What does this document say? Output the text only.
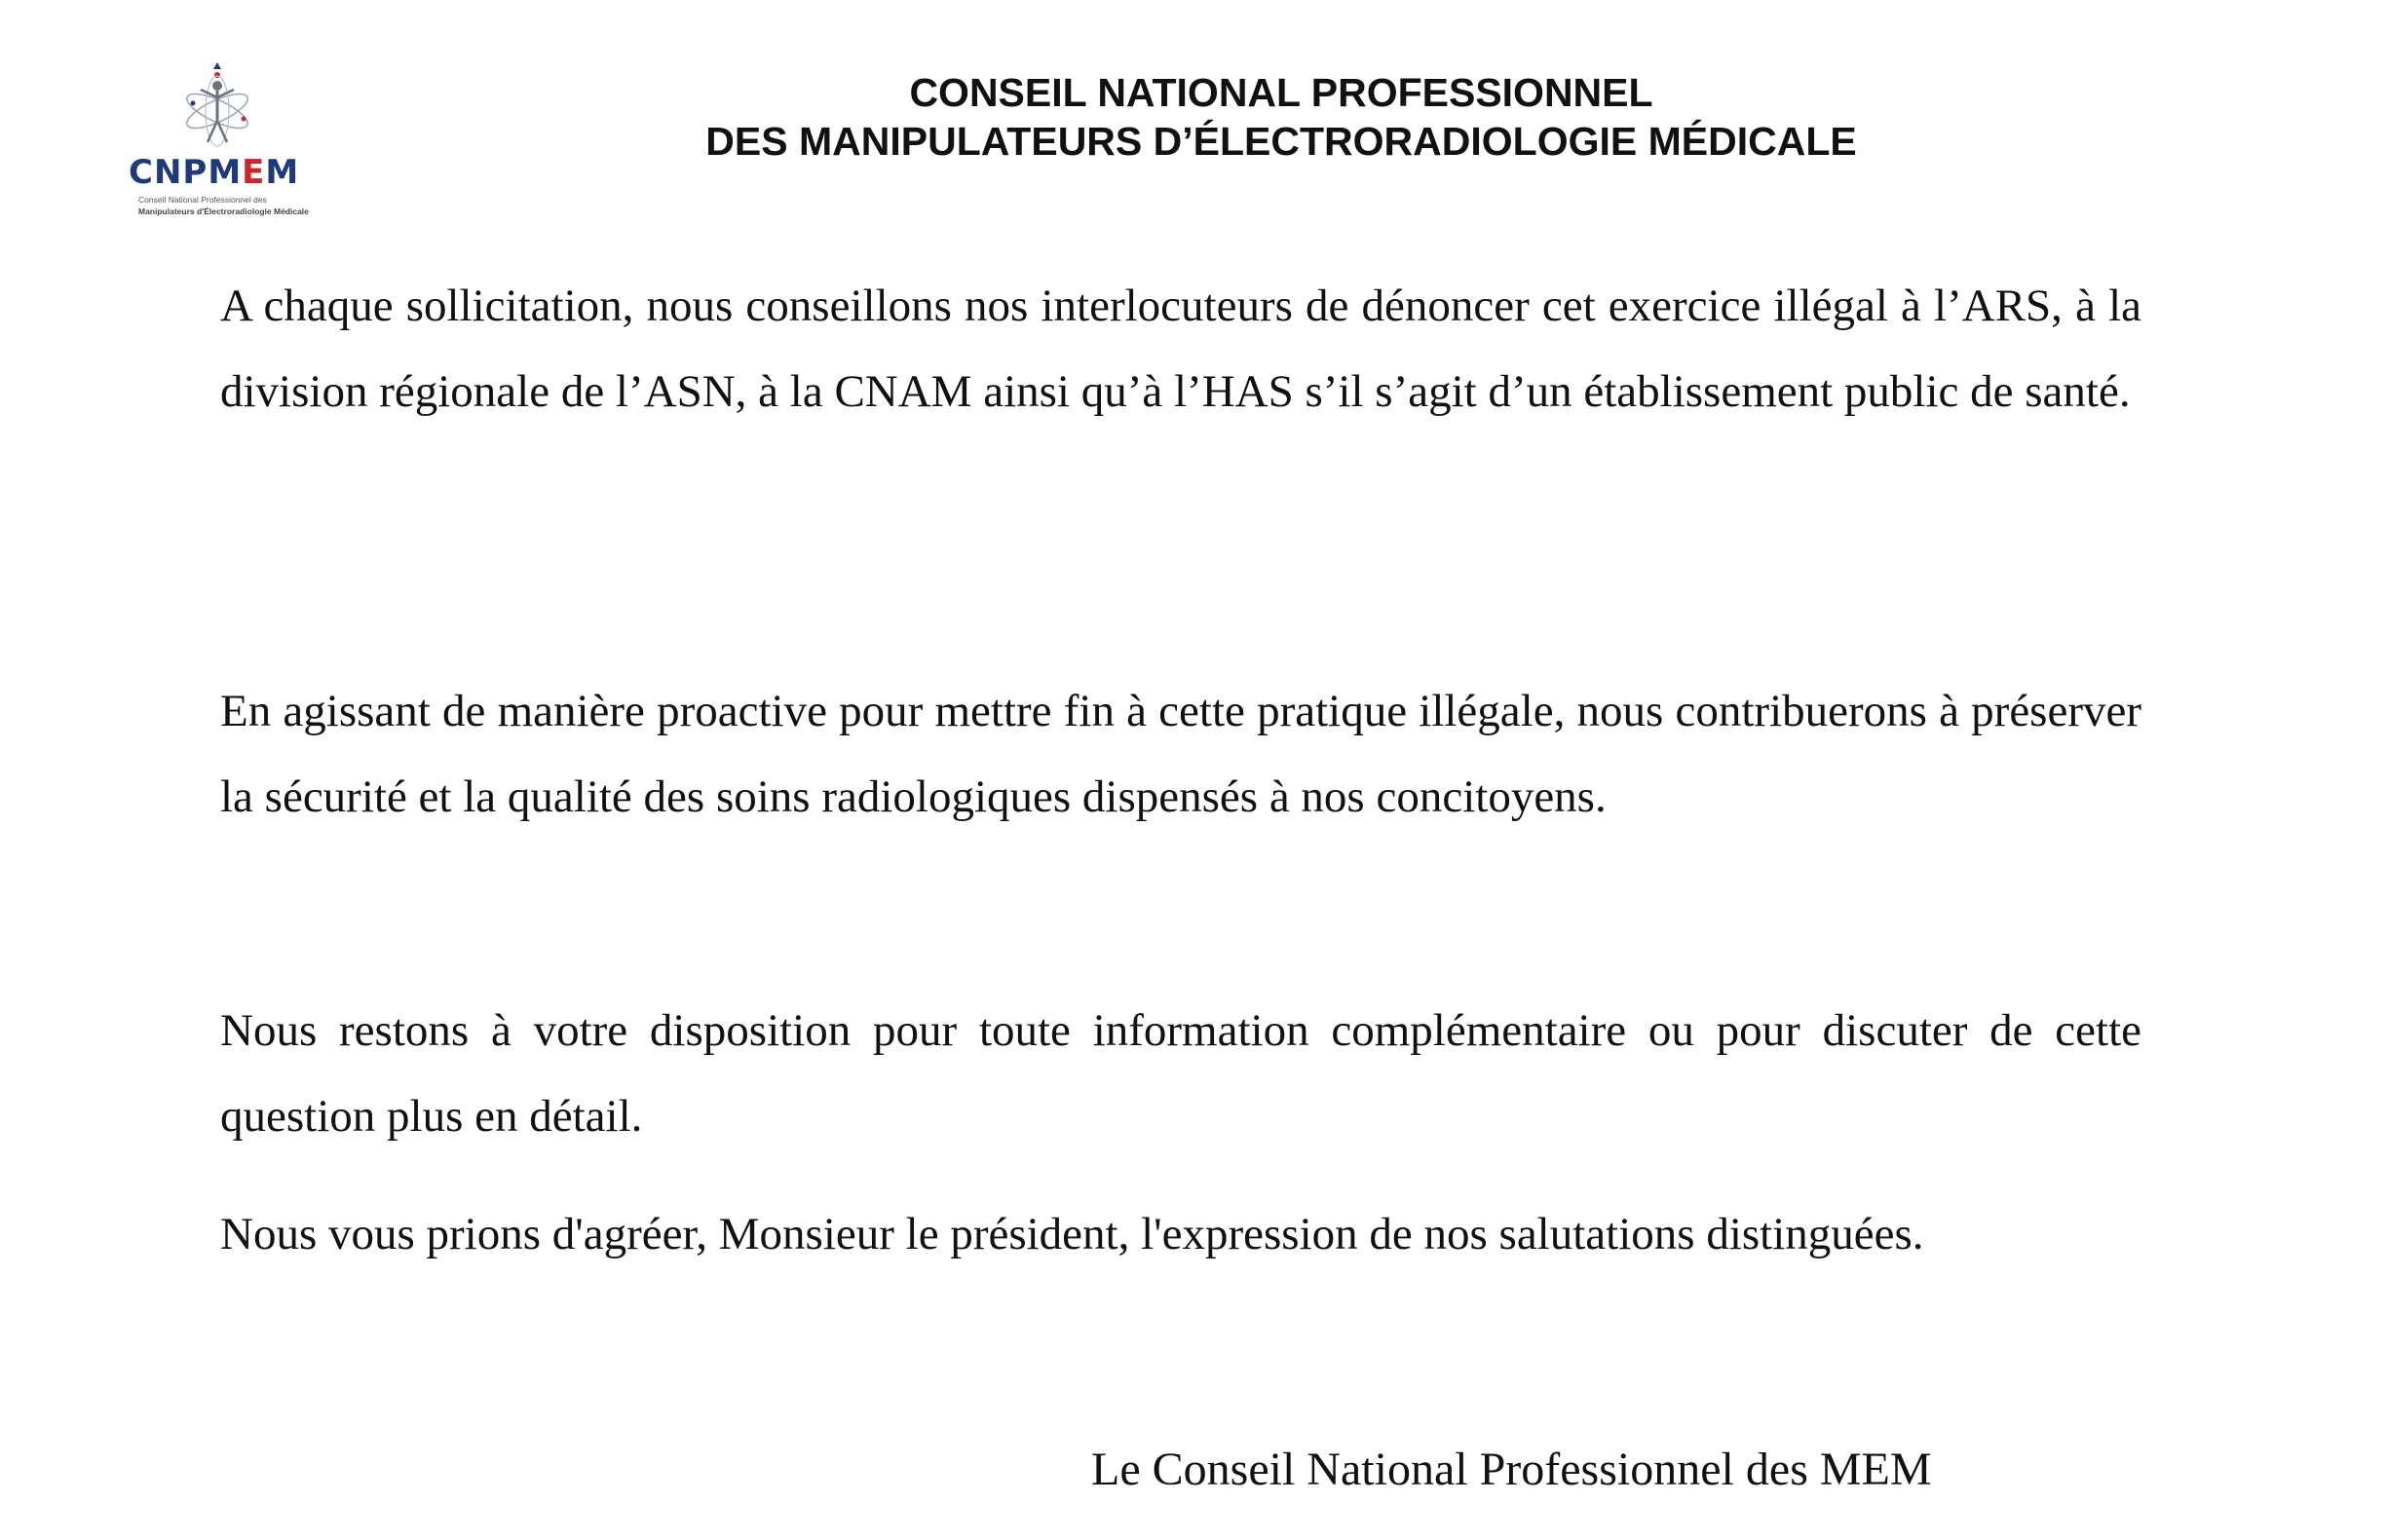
CNPMEM
Conseil National Professionnel des
Manipulateurs d'Électroradiologie Médicale
CONSEIL NATIONAL PROFESSIONNEL
DES MANIPULATEURS D’ÉLECTRORADIOLOGIE MÉDICALE
A chaque sollicitation, nous conseillons nos interlocuteurs de dénoncer cet exercice illégal à l’ARS, à la division régionale de l’ASN, à la CNAM ainsi qu’à l’HAS s’il s’agit d’un établissement public de santé.
En agissant de manière proactive pour mettre fin à cette pratique illégale, nous contribuerons à préserver la sécurité et la qualité des soins radiologiques dispensés à nos concitoyens.
Nous restons à votre disposition pour toute information complémentaire ou pour discuter de cette question plus en détail.
Nous vous prions d'agréer, Monsieur le président, l'expression de nos salutations distinguées.
Le Conseil National Professionnel des MEM
